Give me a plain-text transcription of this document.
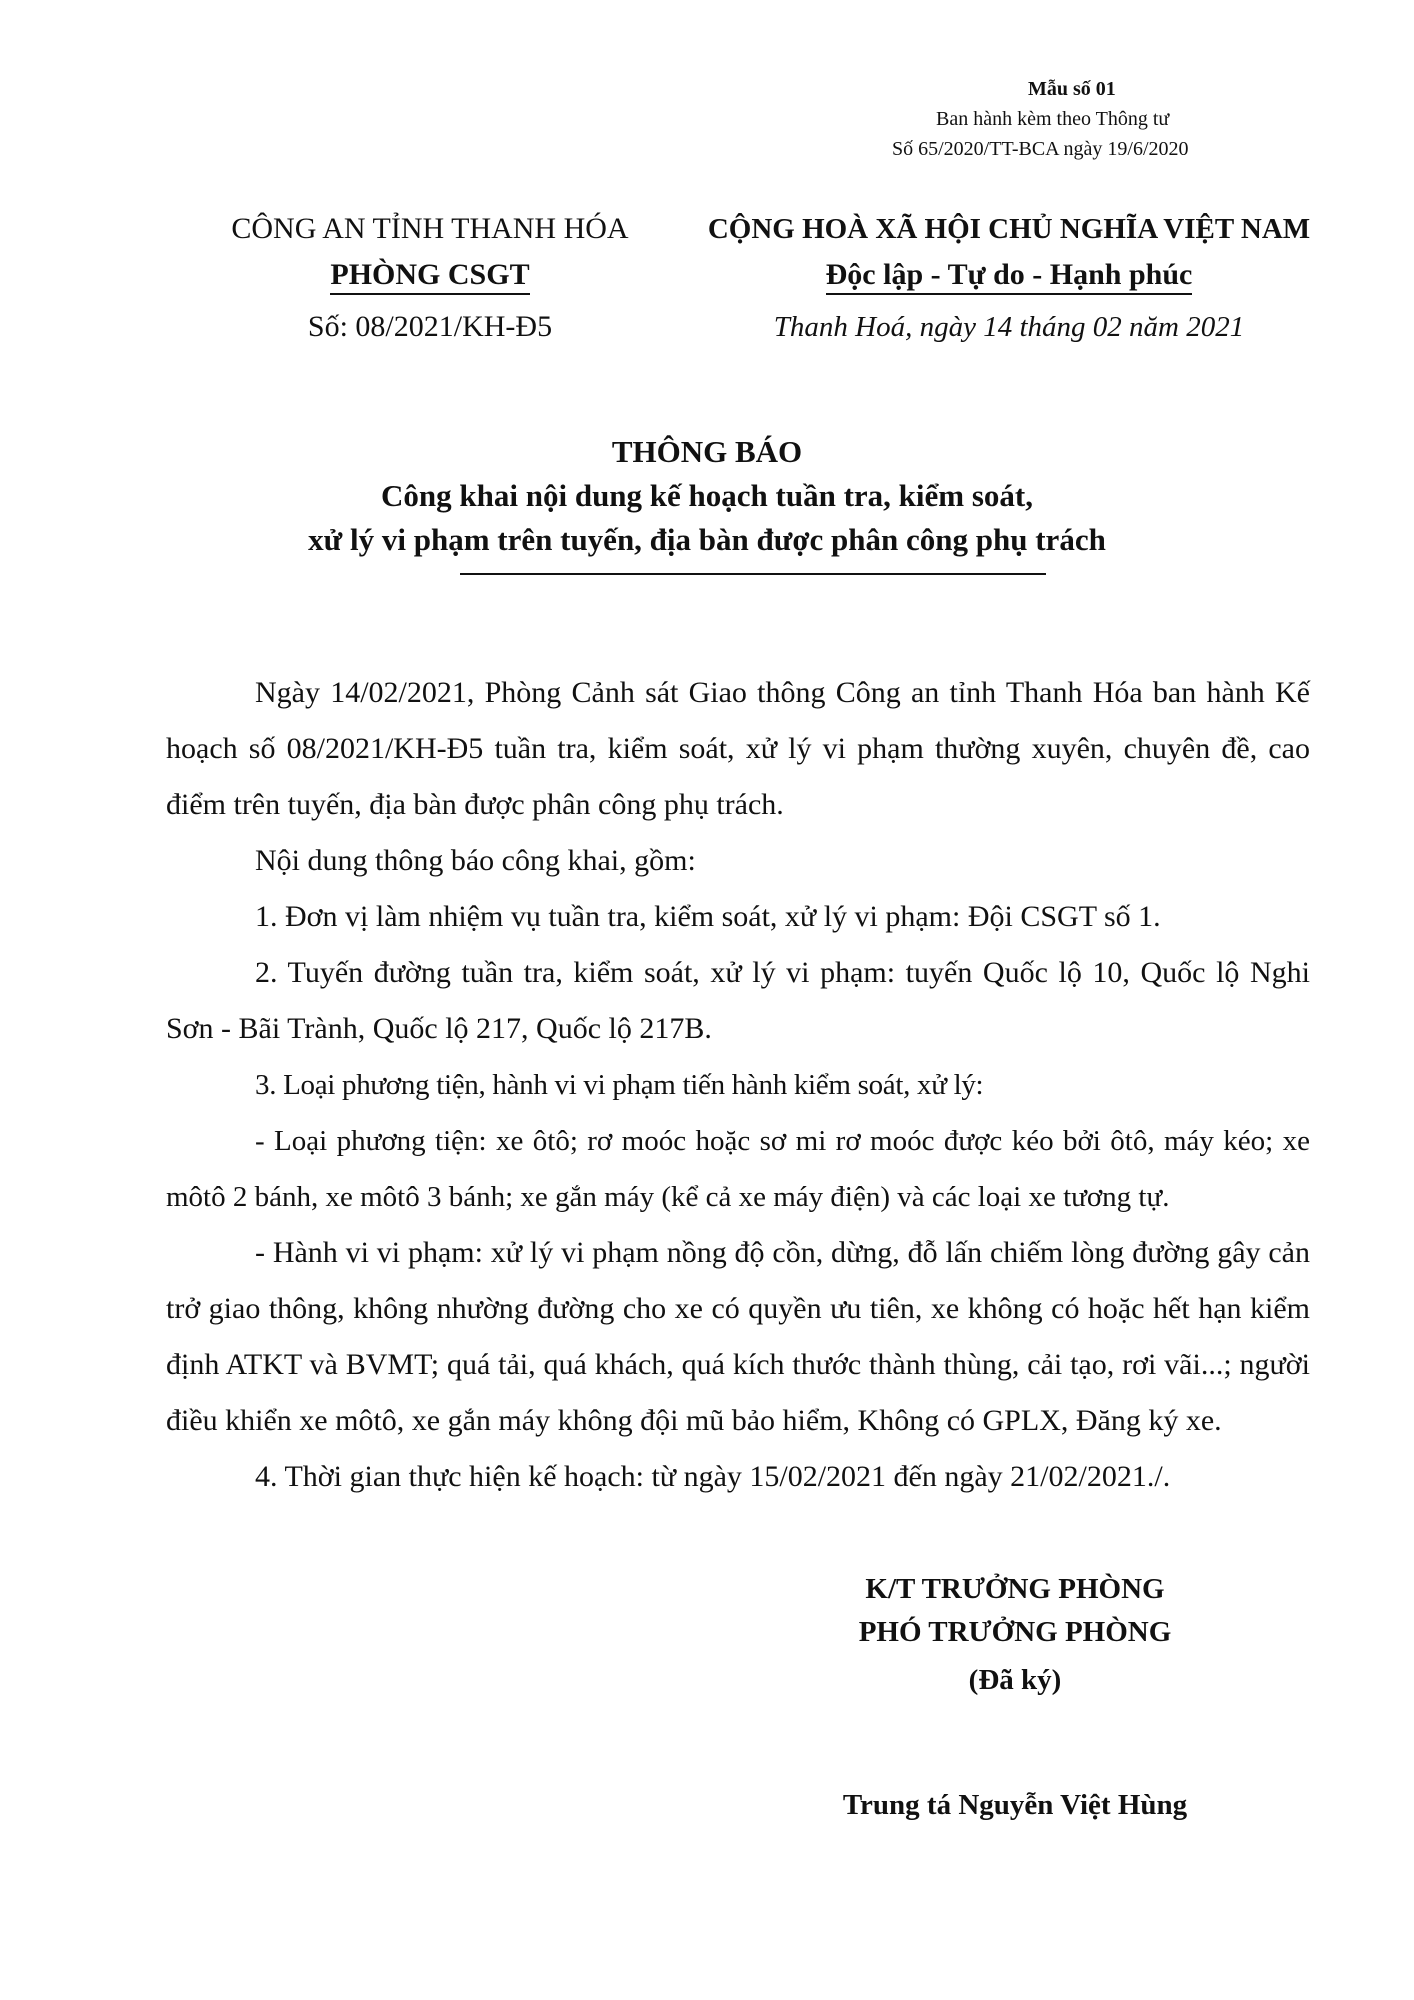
Mẫu số 01
Ban hành kèm theo Thông tư
Số 65/2020/TT-BCA ngày 19/6/2020
CÔNG AN TỈNH THANH HÓA
PHÒNG CSGT
Số: 08/2021/KH-Đ5
CỘNG HOÀ XÃ HỘI CHỦ NGHĨA VIỆT NAM
Độc lập - Tự do - Hạnh phúc
Thanh Hoá, ngày 14 tháng 02 năm 2021
THÔNG BÁO
Công khai nội dung kế hoạch tuần tra, kiểm soát,
xử lý vi phạm trên tuyến, địa bàn được phân công phụ trách

Ngày 14/02/2021, Phòng Cảnh sát Giao thông Công an tỉnh Thanh Hóa ban hành Kế hoạch số 08/2021/KH-Đ5 tuần tra, kiểm soát, xử lý vi phạm thường xuyên, chuyên đề, cao điểm trên tuyến, địa bàn được phân công phụ trách.

Nội dung thông báo công khai, gồm:

1. Đơn vị làm nhiệm vụ tuần tra, kiểm soát, xử lý vi phạm: Đội CSGT số 1.

2. Tuyến đường tuần tra, kiểm soát, xử lý vi phạm: tuyến Quốc lộ 10, Quốc lộ Nghi Sơn - Bãi Trành, Quốc lộ 217, Quốc lộ 217B.

3. Loại phương tiện, hành vi vi phạm tiến hành kiểm soát, xử lý:

- Loại phương tiện: xe ôtô; rơ moóc hoặc sơ mi rơ moóc được kéo bởi ôtô, máy kéo; xe môtô 2 bánh, xe môtô 3 bánh; xe gắn máy (kể cả xe máy điện) và các loại xe tương tự.

- Hành vi vi phạm: xử lý vi phạm nồng độ cồn, dừng, đỗ lấn chiếm lòng đường gây cản trở giao thông, không nhường đường cho xe có quyền ưu tiên, xe không có hoặc hết hạn kiểm định ATKT và BVMT; quá tải, quá khách, quá kích thước thành thùng, cải tạo, rơi vãi...; người điều khiển xe môtô, xe gắn máy không đội mũ bảo hiểm, Không có GPLX, Đăng ký xe.

4. Thời gian thực hiện kế hoạch: từ ngày 15/02/2021 đến ngày 21/02/2021./.

K/T TRƯỞNG PHÒNG
PHÓ TRƯỞNG PHÒNG
(Đã ký)
Trung tá Nguyễn Việt Hùng
